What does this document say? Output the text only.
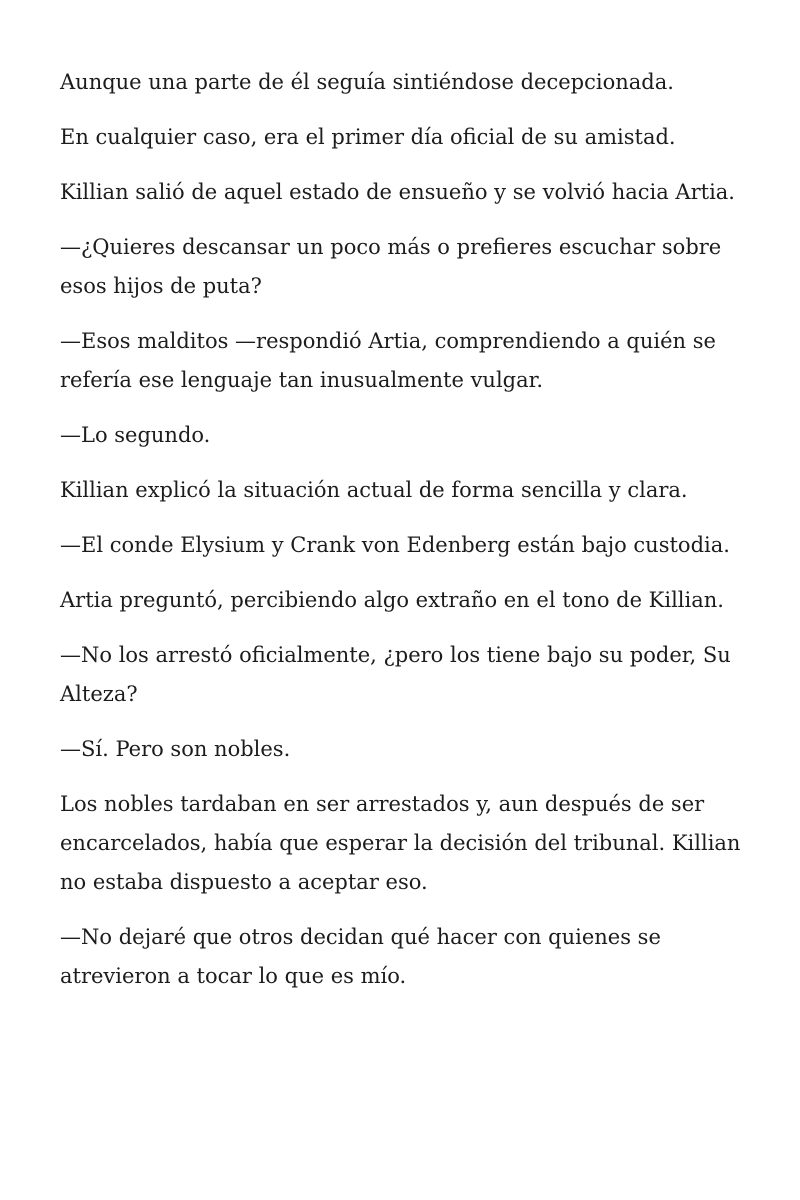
Aunque una parte de él seguía sintiéndose decepcionada.

En cualquier caso, era el primer día oficial de su amistad.

Killian salió de aquel estado de ensueño y se volvió hacia Artia.

—¿Quieres descansar un poco más o prefieres escuchar sobre esos hijos de puta?

—Esos malditos —respondió Artia, comprendiendo a quién se refería ese lenguaje tan inusualmente vulgar.

—Lo segundo.

Killian explicó la situación actual de forma sencilla y clara.

—El conde Elysium y Crank von Edenberg están bajo custodia.

Artia preguntó, percibiendo algo extraño en el tono de Killian.

—No los arrestó oficialmente, ¿pero los tiene bajo su poder, Su Alteza?

—Sí. Pero son nobles.

Los nobles tardaban en ser arrestados y, aun después de ser encarcelados, había que esperar la decisión del tribunal. Killian no estaba dispuesto a aceptar eso.

—No dejaré que otros decidan qué hacer con quienes se atrevieron a tocar lo que es mío.
